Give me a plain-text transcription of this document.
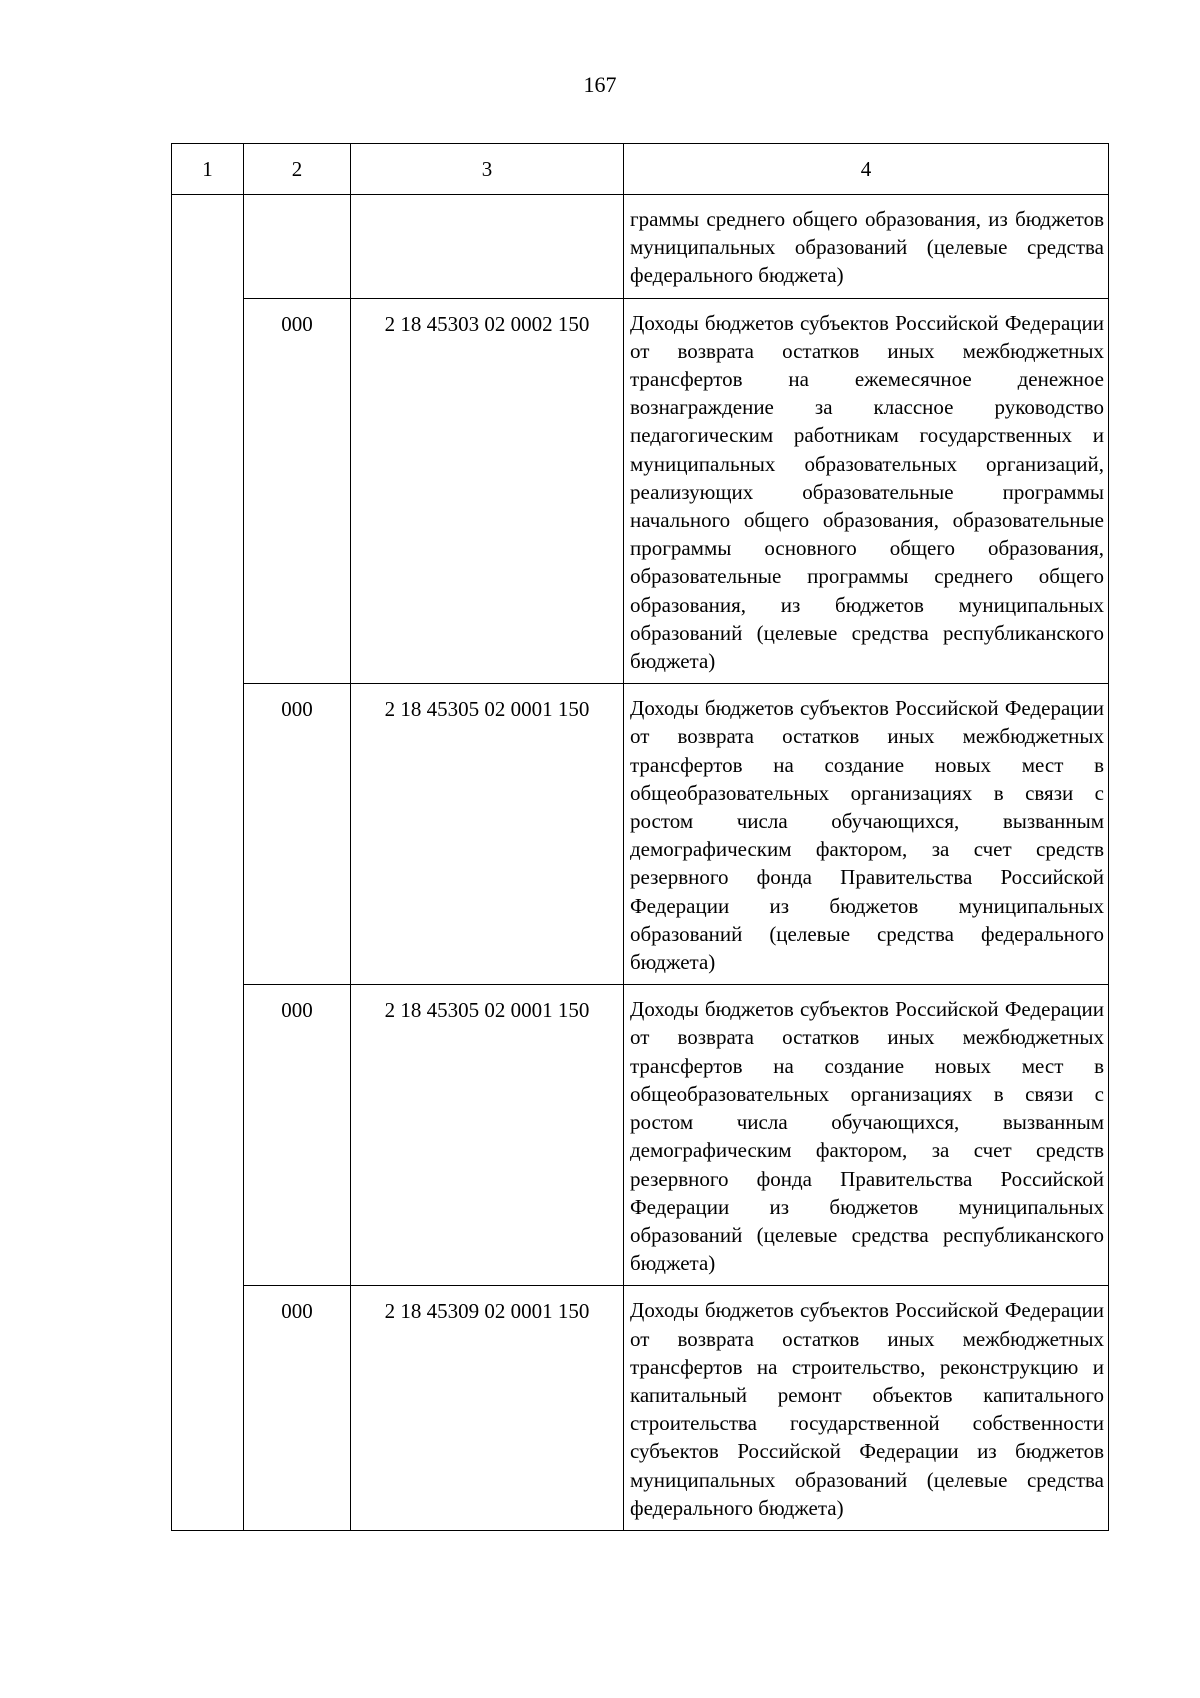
167
1	2	3	4
			граммы среднего общего образования, из бюджетов муниципальных образований (целевые средства федерального бюджета)
	000	2 18 45303 02 0002 150	Доходы бюджетов субъектов Российской Федерации от возврата остатков иных межбюджетных трансфертов на ежемесячное денежное вознаграждение за классное руководство педагогическим работникам государственных и муниципальных образовательных организаций, реализующих образовательные программы начального общего образования, образовательные программы основного общего образования, образовательные программы среднего общего образования, из бюджетов муниципальных образований (целевые средства республиканского бюджета)
	000	2 18 45305 02 0001 150	Доходы бюджетов субъектов Российской Федерации от возврата остатков иных межбюджетных трансфертов на создание новых мест в общеобразовательных организациях в связи с ростом числа обучающихся, вызванным демографическим фактором, за счет средств резервного фонда Правительства Российской Федерации из бюджетов муниципальных образований (целевые средства федерального бюджета)
	000	2 18 45305 02 0001 150	Доходы бюджетов субъектов Российской Федерации от возврата остатков иных межбюджетных трансфертов на создание новых мест в общеобразовательных организациях в связи с ростом числа обучающихся, вызванным демографическим фактором, за счет средств резервного фонда Правительства Российской Федерации из бюджетов муниципальных образований (целевые средства республиканского бюджета)
	000	2 18 45309 02 0001 150	Доходы бюджетов субъектов Российской Федерации от возврата остатков иных межбюджетных трансфертов на строительство, реконструкцию и капитальный ремонт объектов капитального строительства государственной собственности субъектов Российской Федерации из бюджетов муниципальных образований (целевые средства федерального бюджета)
